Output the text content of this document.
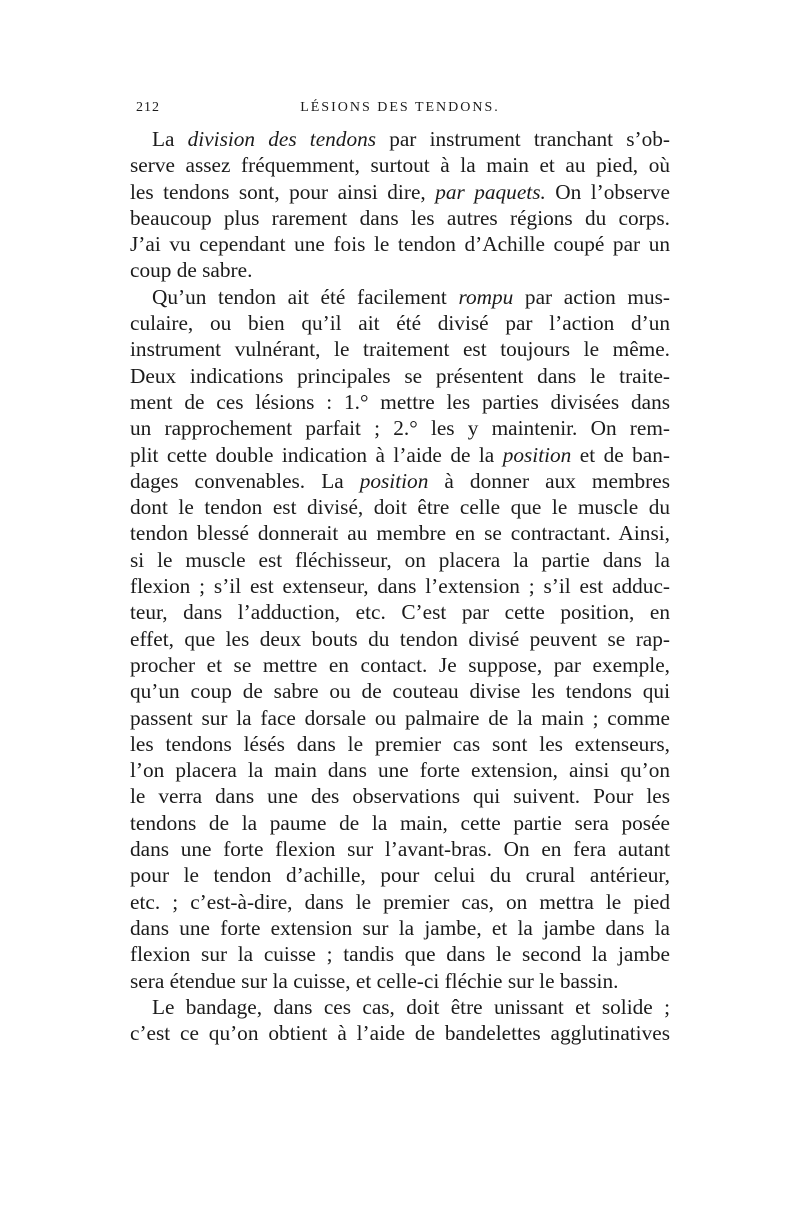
212	LÉSIONS DES TENDONS.

La division des tendons par instrument tranchant s’ob-
serve assez fréquemment, surtout à la main et au pied, où
les tendons sont, pour ainsi dire, par paquets. On l’observe
beaucoup plus rarement dans les autres régions du corps.
J’ai vu cependant une fois le tendon d’Achille coupé par un
coup de sabre.

Qu’un tendon ait été facilement rompu par action mus-
culaire, ou bien qu’il ait été divisé par l’action d’un
instrument vulnérant, le traitement est toujours le même.
Deux indications principales se présentent dans le traite-
ment de ces lésions : 1.° mettre les parties divisées dans
un rapprochement parfait ; 2.° les y maintenir. On rem-
plit cette double indication à l’aide de la position et de ban-
dages convenables. La position à donner aux membres
dont le tendon est divisé, doit être celle que le muscle du
tendon blessé donnerait au membre en se contractant. Ainsi,
si le muscle est fléchisseur, on placera la partie dans la
flexion ; s’il est extenseur, dans l’extension ; s’il est adduc-
teur, dans l’adduction, etc. C’est par cette position, en
effet, que les deux bouts du tendon divisé peuvent se rap-
procher et se mettre en contact. Je suppose, par exemple,
qu’un coup de sabre ou de couteau divise les tendons qui
passent sur la face dorsale ou palmaire de la main ; comme
les tendons lésés dans le premier cas sont les extenseurs,
l’on placera la main dans une forte extension, ainsi qu’on
le verra dans une des observations qui suivent. Pour les
tendons de la paume de la main, cette partie sera posée
dans une forte flexion sur l’avant-bras. On en fera autant
pour le tendon d’achille, pour celui du crural antérieur,
etc. ; c’est-à-dire, dans le premier cas, on mettra le pied
dans une forte extension sur la jambe, et la jambe dans la
flexion sur la cuisse ; tandis que dans le second la jambe
sera étendue sur la cuisse, et celle-ci fléchie sur le bassin.

Le bandage, dans ces cas, doit être unissant et solide ;
c’est ce qu’on obtient à l’aide de bandelettes agglutinatives
